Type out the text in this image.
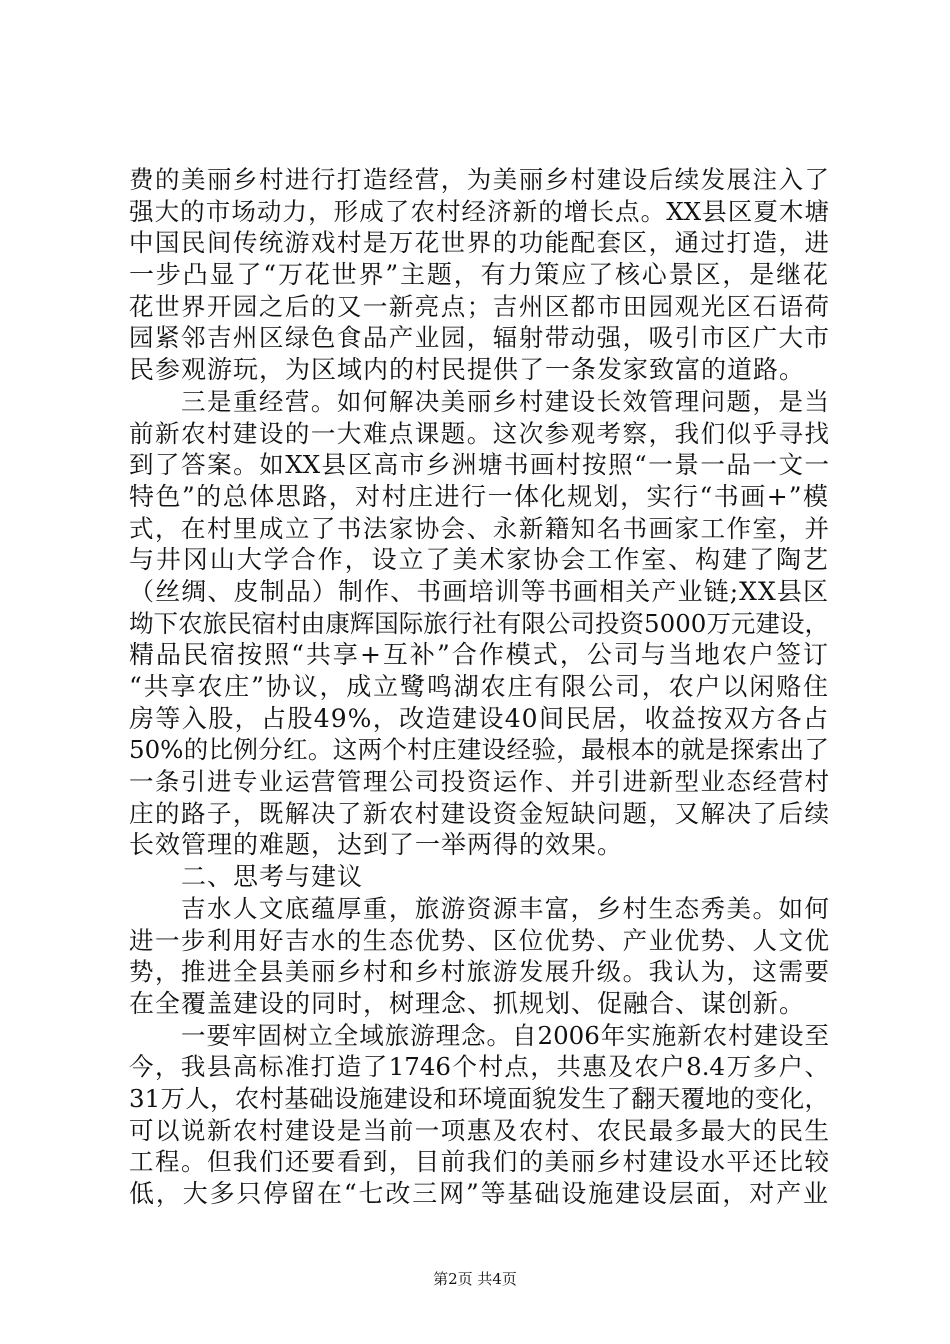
费的美丽乡村进行打造经营，为美丽乡村建设后续发展注入了
强大的市场动力，形成了农村经济新的增长点。XX县区夏木塘
中国民间传统游戏村是万花世界的功能配套区，通过打造，进
一步凸显了“万花世界”主题，有力策应了核心景区，是继花
花世界开园之后的又一新亮点；吉州区都市田园观光区石语荷
园紧邻吉州区绿色食品产业园，辐射带动强，吸引市区广大市
民参观游玩，为区域内的村民提供了一条发家致富的道路。
三是重经营。如何解决美丽乡村建设长效管理问题，是当
前新农村建设的一大难点课题。这次参观考察，我们似乎寻找
到了答案。如XX县区高市乡洲塘书画村按照“一景一品一文一
特色”的总体思路，对村庄进行一体化规划，实行“书画+”模
式，在村里成立了书法家协会、永新籍知名书画家工作室，并
与井冈山大学合作，设立了美术家协会工作室、构建了陶艺
（丝绸、皮制品）制作、书画培训等书画相关产业链;XX县区
坳下农旅民宿村由康辉国际旅行社有限公司投资5000万元建设，
精品民宿按照“共享+互补”合作模式，公司与当地农户签订
“共享农庄”协议，成立鹭鸣湖农庄有限公司，农户以闲赂住
房等入股，占股49%，改造建设40间民居，收益按双方各占
50%的比例分红。这两个村庄建设经验，最根本的就是探索出了
一条引进专业运营管理公司投资运作、并引进新型业态经营村
庄的路子，既解决了新农村建设资金短缺问题，又解决了后续
长效管理的难题，达到了一举两得的效果。
二、思考与建议
吉水人文底蕴厚重，旅游资源丰富，乡村生态秀美。如何
进一步利用好吉水的生态优势、区位优势、产业优势、人文优
势，推进全县美丽乡村和乡村旅游发展升级。我认为，这需要
在全覆盖建设的同时，树理念、抓规划、促融合、谋创新。
一要牢固树立全域旅游理念。自2006年实施新农村建设至
今，我县高标准打造了1746个村点，共惠及农户8.4万多户、
31万人，农村基础设施建设和环境面貌发生了翻天覆地的变化，
可以说新农村建设是当前一项惠及农村、农民最多最大的民生
工程。但我们还要看到，目前我们的美丽乡村建设水平还比较
低，大多只停留在“七改三网”等基础设施建设层面，对产业
第2页 共4页
